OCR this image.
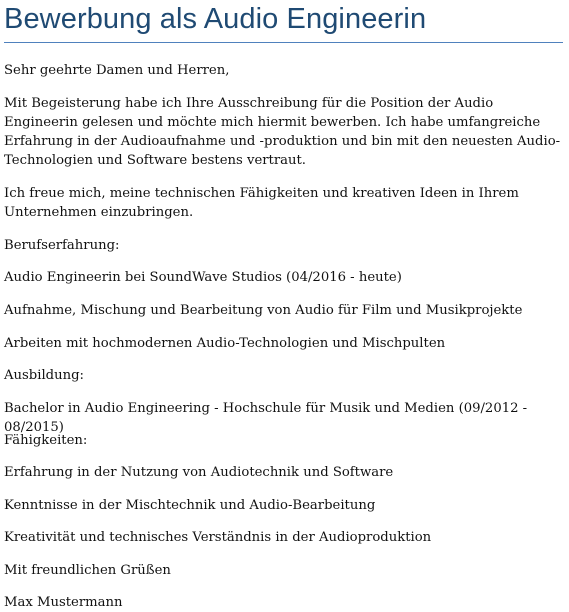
Bewerbung als Audio Engineerin

Sehr geehrte Damen und Herren,

Mit Begeisterung habe ich Ihre Ausschreibung für die Position der Audio Engineerin gelesen und möchte mich hiermit bewerben. Ich habe umfangreiche Erfahrung in der Audioaufnahme und -produktion und bin mit den neuesten Audio-Technologien und Software bestens vertraut.

Ich freue mich, meine technischen Fähigkeiten und kreativen Ideen in Ihrem Unternehmen einzubringen.

Berufserfahrung:

Audio Engineerin bei SoundWave Studios (04/2016 - heute)

Aufnahme, Mischung und Bearbeitung von Audio für Film und Musikprojekte

Arbeiten mit hochmodernen Audio-Technologien und Mischpulten

Ausbildung:

Bachelor in Audio Engineering - Hochschule für Musik und Medien (09/2012 - 08/2015)

Fähigkeiten:

Erfahrung in der Nutzung von Audiotechnik und Software

Kenntnisse in der Mischtechnik und Audio-Bearbeitung

Kreativität und technisches Verständnis in der Audioproduktion

Mit freundlichen Grüßen

Max Mustermann
